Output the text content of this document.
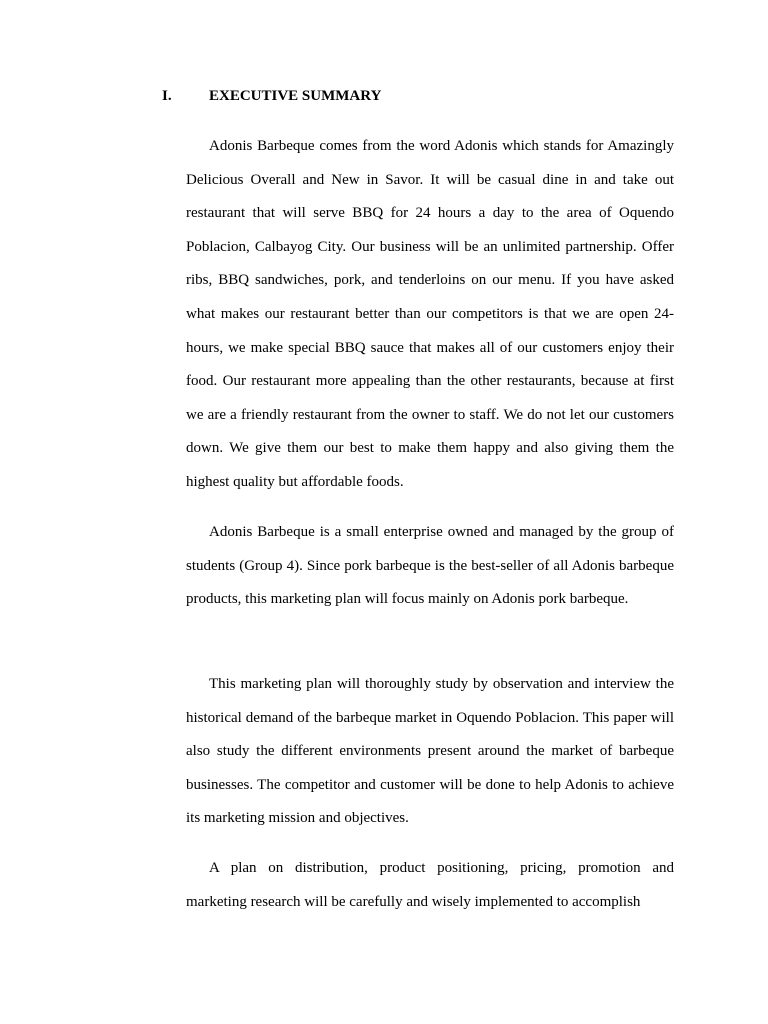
I. EXECUTIVE SUMMARY

Adonis Barbeque comes from the word Adonis which stands for Amazingly Delicious Overall and New in Savor. It will be casual dine in and take out restaurant that will serve BBQ for 24 hours a day to the area of Oquendo Poblacion, Calbayog City. Our business will be an unlimited partnership. Offer ribs, BBQ sandwiches, pork, and tenderloins on our menu. If you have asked what makes our restaurant better than our competitors is that we are open 24-hours, we make special BBQ sauce that makes all of our customers enjoy their food. Our restaurant more appealing than the other restaurants, because at first we are a friendly restaurant from the owner to staff. We do not let our customers down. We give them our best to make them happy and also giving them the highest quality but affordable foods.

Adonis Barbeque is a small enterprise owned and managed by the group of students (Group 4). Since pork barbeque is the best-seller of all Adonis barbeque products, this marketing plan will focus mainly on Adonis pork barbeque.

This marketing plan will thoroughly study by observation and interview the historical demand of the barbeque market in Oquendo Poblacion. This paper will also study the different environments present around the market of barbeque businesses. The competitor and customer will be done to help Adonis to achieve its marketing mission and objectives.

A plan on distribution, product positioning, pricing, promotion and marketing research will be carefully and wisely implemented to accomplish
